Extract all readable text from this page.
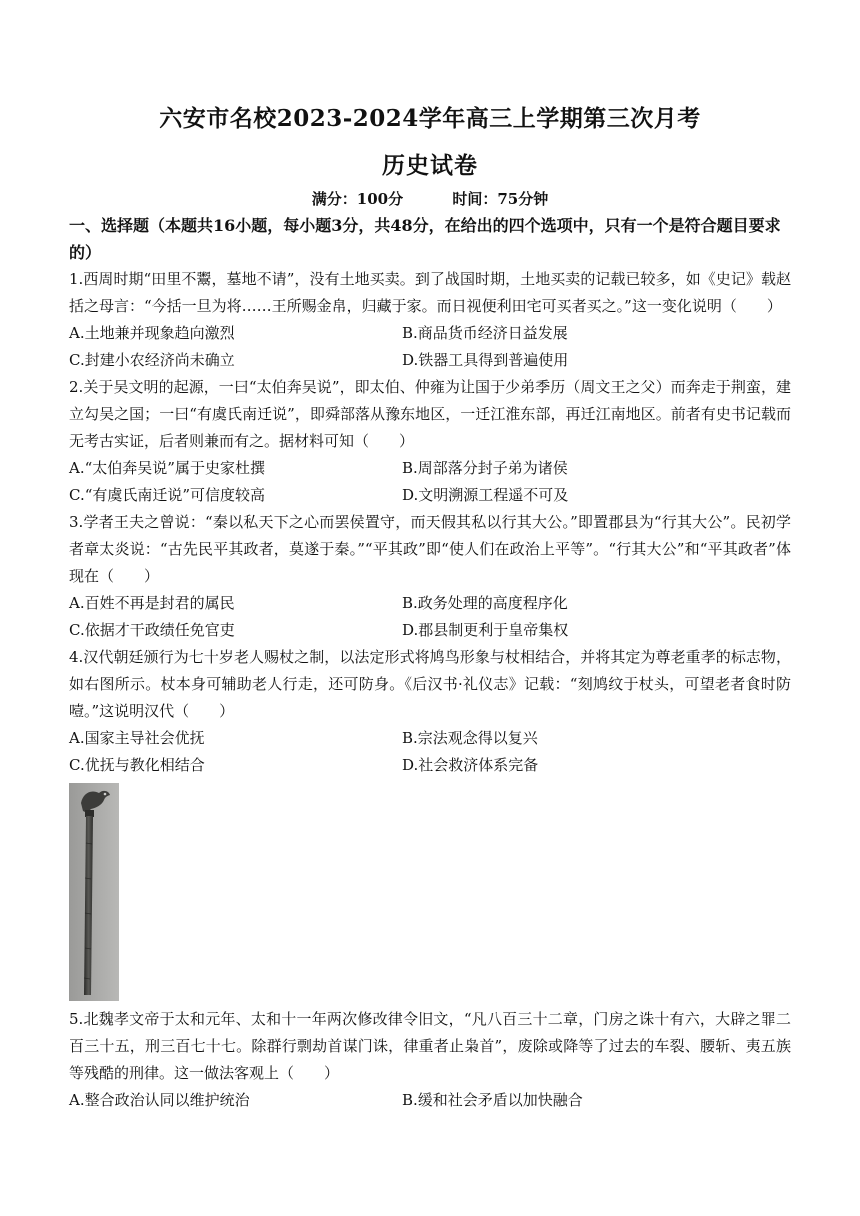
六安市名校2023-2024学年高三上学期第三次月考
历史试卷
满分：100分	时间：75分钟
一、选择题（本题共16小题，每小题3分，共48分，在给出的四个选项中，只有一个是符合题目要求的）
1.西周时期“田里不鬻，墓地不请”，没有土地买卖。到了战国时期，土地买卖的记载已较多，如《史记》载赵括之母言：“今括一旦为将……王所赐金帛，归藏于家。而日视便利田宅可买者买之。”这一变化说明（　　）
A.土地兼并现象趋向激烈	B.商品货币经济日益发展
C.封建小农经济尚未确立	D.铁器工具得到普遍使用
2.关于吴文明的起源，一曰“太伯奔吴说”，即太伯、仲雍为让国于少弟季历（周文王之父）而奔走于荆蛮，建立勾吴之国；一曰“有虞氏南迁说”，即舜部落从豫东地区，一迁江淮东部，再迁江南地区。前者有史书记载而无考古实证，后者则兼而有之。据材料可知（　　）
A.“太伯奔吴说”属于史家杜撰	B.周部落分封子弟为诸侯
C.“有虞氏南迁说”可信度较高	D.文明溯源工程遥不可及
3.学者王夫之曾说：“秦以私天下之心而罢侯置守，而天假其私以行其大公。”即置郡县为“行其大公”。民初学者章太炎说：“古先民平其政者，莫遂于秦。”“平其政”即“使人们在政治上平等”。“行其大公”和“平其政者”体现在（　　）
A.百姓不再是封君的属民	B.政务处理的高度程序化
C.依据才干政绩任免官吏	D.郡县制更利于皇帝集权
4.汉代朝廷颁行为七十岁老人赐杖之制，以法定形式将鸠鸟形象与杖相结合，并将其定为尊老重孝的标志物，如右图所示。杖本身可辅助老人行走，还可防身。《后汉书·礼仪志》记载：“刻鸠纹于杖头，可望老者食时防噎。”这说明汉代（　　）
A.国家主导社会优抚	B.宗法观念得以复兴
C.优抚与教化相结合	D.社会救济体系完备
5.北魏孝文帝于太和元年、太和十一年两次修改律令旧文，“凡八百三十二章，门房之诛十有六，大辟之罪二百三十五，刑三百七十七。除群行剽劫首谋门诛，律重者止枭首”，废除或降等了过去的车裂、腰斩、夷五族等残酷的刑律。这一做法客观上（　　）
A.整合政治认同以维护统治	B.缓和社会矛盾以加快融合
